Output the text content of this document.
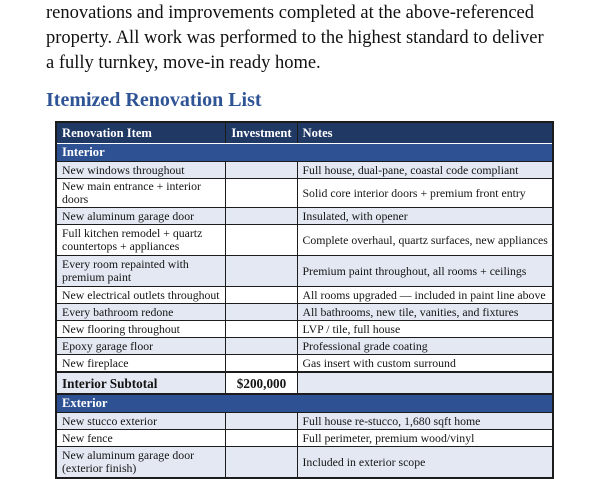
renovations and improvements completed at the above-referenced property. All work was performed to the highest standard to deliver a fully turnkey, move-in ready home.

Itemized Renovation List
Renovation Item	Investment	Notes
Interior		
New windows throughout		Full house, dual-pane, coastal code compliant
New main entrance + interior doors		Solid core interior doors + premium front entry
New aluminum garage door		Insulated, with opener
Full kitchen remodel + quartz countertops + appliances		Complete overhaul, quartz surfaces, new appliances
Every room repainted with premium paint		Premium paint throughout, all rooms + ceilings
New electrical outlets throughout		All rooms upgraded — included in paint line above
Every bathroom redone		All bathrooms, new tile, vanities, and fixtures
New flooring throughout		LVP / tile, full house
Epoxy garage floor		Professional grade coating
New fireplace		Gas insert with custom surround
Interior Subtotal	$200,000	
Exterior		
New stucco exterior		Full house re-stucco, 1,680 sqft home
New fence		Full perimeter, premium wood/vinyl
New aluminum garage door (exterior finish)		Included in exterior scope
